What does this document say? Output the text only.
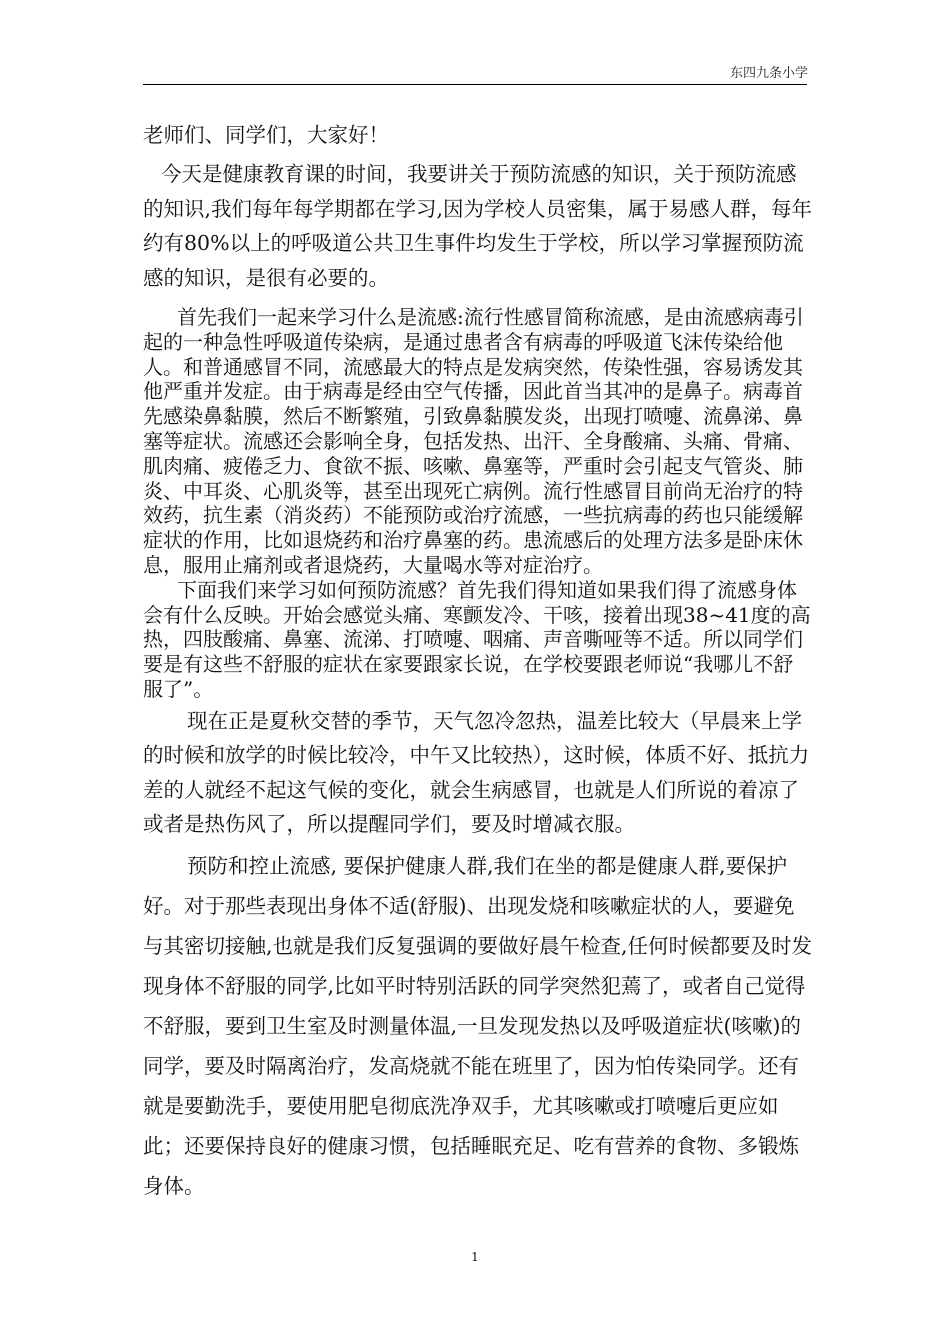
东四九条小学

老师们、同学们，大家好！

今天是健康教育课的时间，我要讲关于预防流感的知识，关于预防流感的知识,我们每年每学期都在学习,因为学校人员密集，属于易感人群，每年约有80%以上的呼吸道公共卫生事件均发生于学校，所以学习掌握预防流感的知识，是很有必要的。

首先我们一起来学习什么是流感:流行性感冒简称流感，是由流感病毒引起的一种急性呼吸道传染病，是通过患者含有病毒的呼吸道飞沫传染给他人。和普通感冒不同，流感最大的特点是发病突然，传染性强，容易诱发其他严重并发症。由于病毒是经由空气传播，因此首当其冲的是鼻子。病毒首先感染鼻黏膜，然后不断繁殖，引致鼻黏膜发炎，出现打喷嚏、流鼻涕、鼻塞等症状。流感还会影响全身，包括发热、出汗、全身酸痛、头痛、骨痛、肌肉痛、疲倦乏力、食欲不振、咳嗽、鼻塞等，严重时会引起支气管炎、肺炎、中耳炎、心肌炎等，甚至出现死亡病例。流行性感冒目前尚无治疗的特效药，抗生素（消炎药）不能预防或治疗流感，一些抗病毒的药也只能缓解症状的作用，比如退烧药和治疗鼻塞的药。患流感后的处理方法多是卧床休息，服用止痛剂或者退烧药，大量喝水等对症治疗。

下面我们来学习如何预防流感？首先我们得知道如果我们得了流感身体会有什么反映。开始会感觉头痛、寒颤发冷、干咳，接着出现38~41度的高热，四肢酸痛、鼻塞、流涕、打喷嚏、咽痛、声音嘶哑等不适。所以同学们要是有这些不舒服的症状在家要跟家长说，在学校要跟老师说“我哪儿不舒服了”。

现在正是夏秋交替的季节，天气忽冷忽热，温差比较大（早晨来上学的时候和放学的时候比较冷，中午又比较热），这时候，体质不好、抵抗力差的人就经不起这气候的变化，就会生病感冒，也就是人们所说的着凉了或者是热伤风了，所以提醒同学们，要及时增减衣服。

预防和控止流感, 要保护健康人群,我们在坐的都是健康人群,要保护好。对于那些表现出身体不适(舒服)、出现发烧和咳嗽症状的人，要避免与其密切接触,也就是我们反复强调的要做好晨午检查,任何时候都要及时发现身体不舒服的同学,比如平时特别活跃的同学突然犯蔫了，或者自己觉得不舒服，要到卫生室及时测量体温,一旦发现发热以及呼吸道症状(咳嗽)的同学，要及时隔离治疗，发高烧就不能在班里了，因为怕传染同学。还有就是要勤洗手，要使用肥皂彻底洗净双手，尤其咳嗽或打喷嚏后更应如此；还要保持良好的健康习惯，包括睡眠充足、吃有营养的食物、多锻炼身体。

1
